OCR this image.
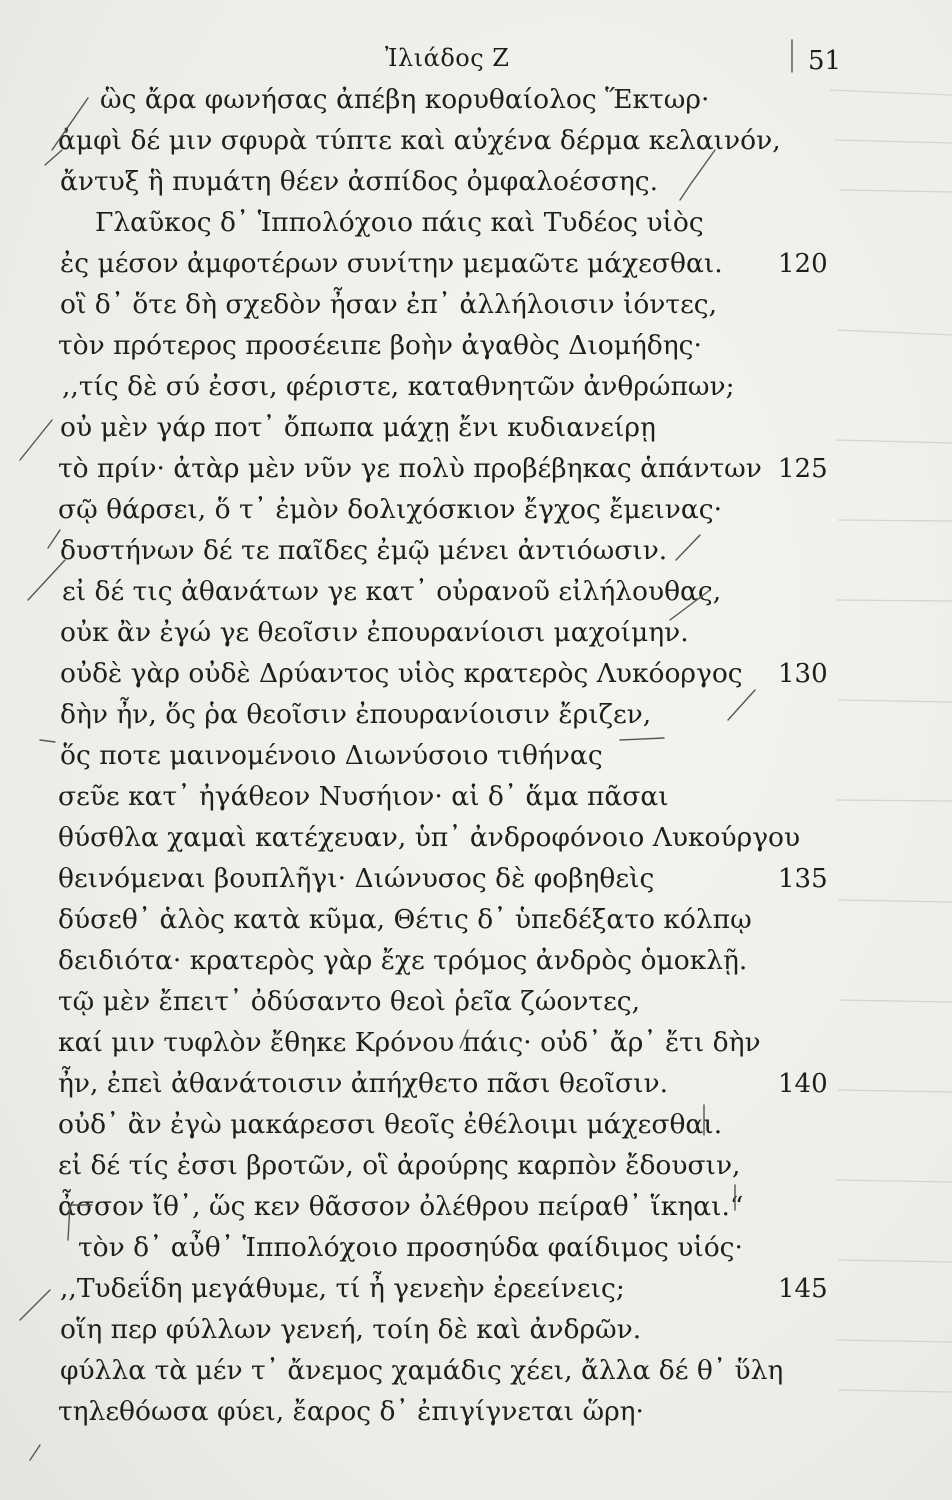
Ἰλιάδος Ζ	51
ὣς ἄρα φωνήσας ἀπέβη κορυθαίολος Ἕκτωρ·
ἀμφὶ δέ μιν σφυρὰ τύπτε καὶ αὐχένα δέρμα κελαινόν,
ἄντυξ ἣ πυμάτη θέεν ἀσπίδος ὀμφαλοέσσης.
Γλαῦκος δ᾽ Ἱππολόχοιο πάις καὶ Τυδέος υἱὸς
ἐς μέσον ἀμφοτέρων συνίτην μεμαῶτε μάχεσθαι.
οἳ δ᾽ ὅτε δὴ σχεδὸν ἦσαν ἐπ᾽ ἀλλήλοισιν ἰόντες,
τὸν πρότερος προσέειπε βοὴν ἀγαθὸς Διομήδης·
,,τίς δὲ σύ ἐσσι, φέριστε, καταθνητῶν ἀνθρώπων;
οὐ μὲν γάρ ποτ᾽ ὄπωπα μάχῃ ἔνι κυδιανείρῃ
τὸ πρίν· ἀτὰρ μὲν νῦν γε πολὺ προβέβηκας ἁπάντων
σῷ θάρσει, ὅ τ᾽ ἐμὸν δολιχόσκιον ἔγχος ἔμεινας·
δυστήνων δέ τε παῖδες ἐμῷ μένει ἀντιόωσιν.
εἰ δέ τις ἀθανάτων γε κατ᾽ οὐρανοῦ εἰλήλουθας,
οὐκ ἂν ἐγώ γε θεοῖσιν ἐπουρανίοισι μαχοίμην.
οὐδὲ γὰρ οὐδὲ Δρύαντος υἱὸς κρατερὸς Λυκόοργος
δὴν ἦν, ὅς ῥα θεοῖσιν ἐπουρανίοισιν ἔριζεν,
ὅς ποτε μαινομένοιο Διωνύσοιο τιθήνας
σεῦε κατ᾽ ἠγάθεον Νυσήιον· αἱ δ᾽ ἅμα πᾶσαι
θύσθλα χαμαὶ κατέχευαν, ὑπ᾽ ἀνδροφόνοιο Λυκούργου
θεινόμεναι βουπλῆγι· Διώνυσος δὲ φοβηθεὶς
δύσεθ᾽ ἁλὸς κατὰ κῦμα, Θέτις δ᾽ ὑπεδέξατο κόλπῳ
δειδιότα· κρατερὸς γὰρ ἔχε τρόμος ἀνδρὸς ὁμοκλῇ.
τῷ μὲν ἔπειτ᾽ ὀδύσαντο θεοὶ ῥεῖα ζώοντες,
καί μιν τυφλὸν ἔθηκε Κρόνου πάις· οὐδ᾽ ἄρ᾽ ἔτι δὴν
ἦν, ἐπεὶ ἀθανάτοισιν ἀπήχθετο πᾶσι θεοῖσιν.
οὐδ᾽ ἂν ἐγὼ μακάρεσσι θεοῖς ἐθέλοιμι μάχεσθαι.
εἰ δέ τίς ἐσσι βροτῶν, οἳ ἀρούρης καρπὸν ἔδουσιν,
ἆσσον ἴθ᾽, ὥς κεν θᾶσσον ὀλέθρου πείραθ᾽ ἵκηαι.“
τὸν δ᾽ αὖθ᾽ Ἱππολόχοιο προσηύδα φαίδιμος υἱός·
,,Τυδεΐδη μεγάθυμε, τί ἦ γενεὴν ἐρεείνεις;
οἵη περ φύλλων γενεή, τοίη δὲ καὶ ἀνδρῶν.
φύλλα τὰ μέν τ᾽ ἄνεμος χαμάδις χέει, ἄλλα δέ θ᾽ ὕλη
τηλεθόωσα φύει, ἔαρος δ᾽ ἐπιγίγνεται ὥρη·
120
125
130
135
140
145
